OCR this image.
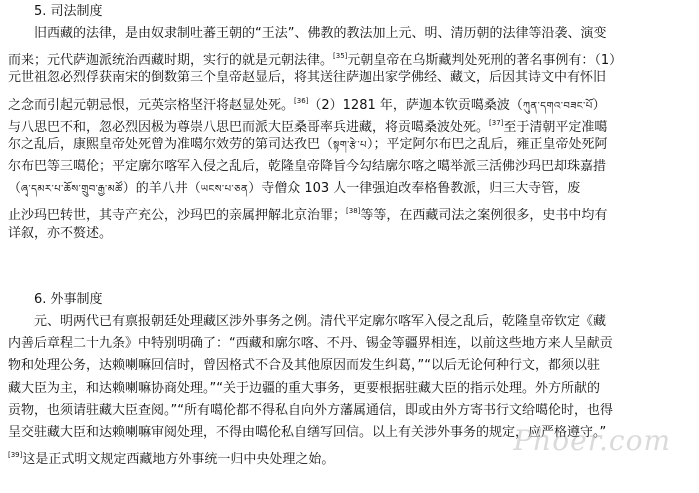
5. 司法制度
旧西藏的法律，是由奴隶制吐蕃王朝的“王法”、佛教的教法加上元、明、清历朝的法律等沿袭、演变
而来；元代萨迦派统治西藏时期，实行的就是元朝法律。[35]元朝皇帝在乌斯藏判处死刑的著名事例有：（1）
元世祖忽必烈俘获南宋的倒数第三个皇帝赵显后，将其送往萨迦出家学佛经、藏文，后因其诗文中有怀旧
之念而引起元朝忌恨，元英宗格坚汗将赵显处死。[36]（2）1281 年，萨迦本钦贡噶桑波（ཀུན་དགའ་བཟང་པོ）
与八思巴不和，忽必烈因极为尊崇八思巴而派大臣桑哥率兵进藏，将贡噶桑波处死。[37]至于清朝平定准噶
尔之乱后，康熙皇帝处死曾为准噶尔效劳的第司达孜巴（སྟག་རྩེ་པ）；平定阿尔布巴之乱后，雍正皇帝处死阿
尔布巴等三噶伦；平定廓尔喀军入侵之乱后，乾隆皇帝降旨今勾结廓尔喀之噶举派三活佛沙玛巴却珠嘉措
（ཞྭ་དམར་པ་ཆོས་གྲུབ་རྒྱ་མཚོ）的羊八井（ཡངས་པ་ཅན）寺僧众 103 人一律强迫改奉格鲁教派，归三大寺管，废
止沙玛巴转世，其寺产充公，沙玛巴的亲属押解北京治罪；[38]等等，在西藏司法之案例很多，史书中均有
详叙，亦不赘述。
6. 外事制度
元、明两代已有禀报朝廷处理藏区涉外事务之例。清代平定廓尔喀军入侵之乱后，乾隆皇帝钦定《藏
内善后章程二十九条》中特别明确了：“西藏和廓尔喀、不丹、锡金等疆界相连，以前这些地方来人呈献贡
物和处理公务，达赖喇嘛回信时，曾因格式不合及其他原因而发生纠葛，”“以后无论何种行文，都须以驻
藏大臣为主，和达赖喇嘛协商处理。”“关于边疆的重大事务，更要根据驻藏大臣的指示处理。外方所献的
贡物，也须请驻藏大臣查阅。”“所有噶伦都不得私自向外方藩属通信，即或由外方寄书行文给噶伦时，也得
呈交驻藏大臣和达赖喇嘛审阅处理，不得由噶伦私自缮写回信。以上有关涉外事务的规定，应严格遵守。”
[39]这是正式明文规定西藏地方外事统一归中央处理之始。
Phoer.com
